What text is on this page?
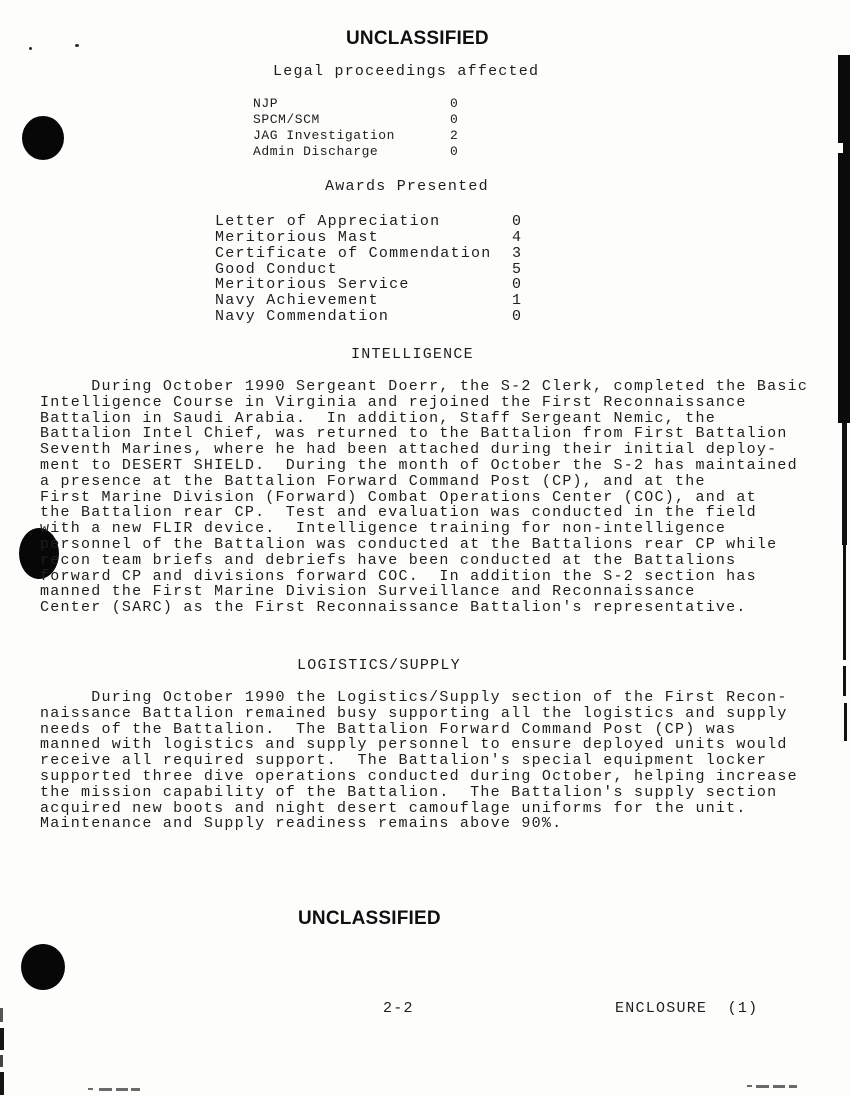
UNCLASSIFIED
Legal proceedings affected
NJP	0
SPCM/SCM	0
JAG Investigation	2
Admin Discharge	0
Awards Presented
Letter of Appreciation	0
Meritorious Mast	4
Certificate of Commendation	3
Good Conduct	5
Meritorious Service	0
Navy Achievement	1
Navy Commendation	0
INTELLIGENCE
During October 1990 Sergeant Doerr, the S-2 Clerk, completed the Basic
Intelligence Course in Virginia and rejoined the First Reconnaissance
Battalion in Saudi Arabia.  In addition, Staff Sergeant Nemic, the
Battalion Intel Chief, was returned to the Battalion from First Battalion
Seventh Marines, where he had been attached during their initial deploy-
ment to DESERT SHIELD.  During the month of October the S-2 has maintained
a presence at the Battalion Forward Command Post (CP), and at the
First Marine Division (Forward) Combat Operations Center (COC), and at
the Battalion rear CP.  Test and evaluation was conducted in the field
with a new FLIR device.  Intelligence training for non-intelligence
personnel of the Battalion was conducted at the Battalions rear CP while
recon team briefs and debriefs have been conducted at the Battalions
forward CP and divisions forward COC.  In addition the S-2 section has
manned the First Marine Division Surveillance and Reconnaissance
Center (SARC) as the First Reconnaissance Battalion's representative.
LOGISTICS/SUPPLY
During October 1990 the Logistics/Supply section of the First Recon-
naissance Battalion remained busy supporting all the logistics and supply
needs of the Battalion.  The Battalion Forward Command Post (CP) was
manned with logistics and supply personnel to ensure deployed units would
receive all required support.  The Battalion's special equipment locker
supported three dive operations conducted during October, helping increase
the mission capability of the Battalion.  The Battalion's supply section
acquired new boots and night desert camouflage uniforms for the unit.
Maintenance and Supply readiness remains above 90%.
UNCLASSIFIED
2-2	ENCLOSURE  (1)
